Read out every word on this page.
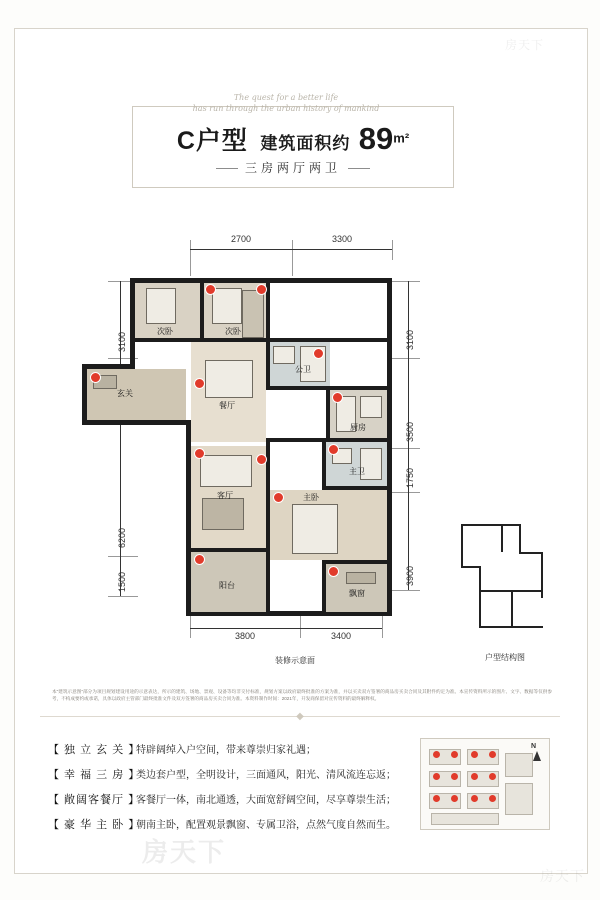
C户型 建筑面积约 $89^{m^2}$
三房两厅两卫
The quest for a better life
has run through the urban history of mankind
2700	3300
3800	3400
3100
6200
1500
3100
3500
1750
3900
次卧	次卧
公卫
玄关
餐厅
厨房
客厅	主卧
主卫
阳台
飘窗
装修示意面	户型结构图
本“建筑示意图”部分为项目规划建设用途的示意表达，所示的建筑、场地、景观、设备等均非交付标准，规划方案以政府最终批准的方案为准，并以买卖双方签署的商品房买卖合同及其附件约定为准。本宣传资料所示的图片、文字、数据等仅供参考，不构成要约或承诺，具体以政府主管部门最终批准文件及双方签署的商品房买卖合同为准。本资料制作时间：2021年，开发商保留对宣传资料的最终解释权。
◆
【 独 立 玄 关 】
特辟阔绰入户空间，带来尊崇归家礼遇；
【 幸 福 三 房 】
类边套户型，全明设计，三面通风，阳光、清风流连忘返；
【 敞阔客餐厅 】
客餐厅一体，南北通透，大面宽舒阔空间，尽享尊崇生活；
【 豪 华 主 卧 】
朝南主卧，配置观景飘窗、专属卫浴，点然气度自然而生。
N
房天下
